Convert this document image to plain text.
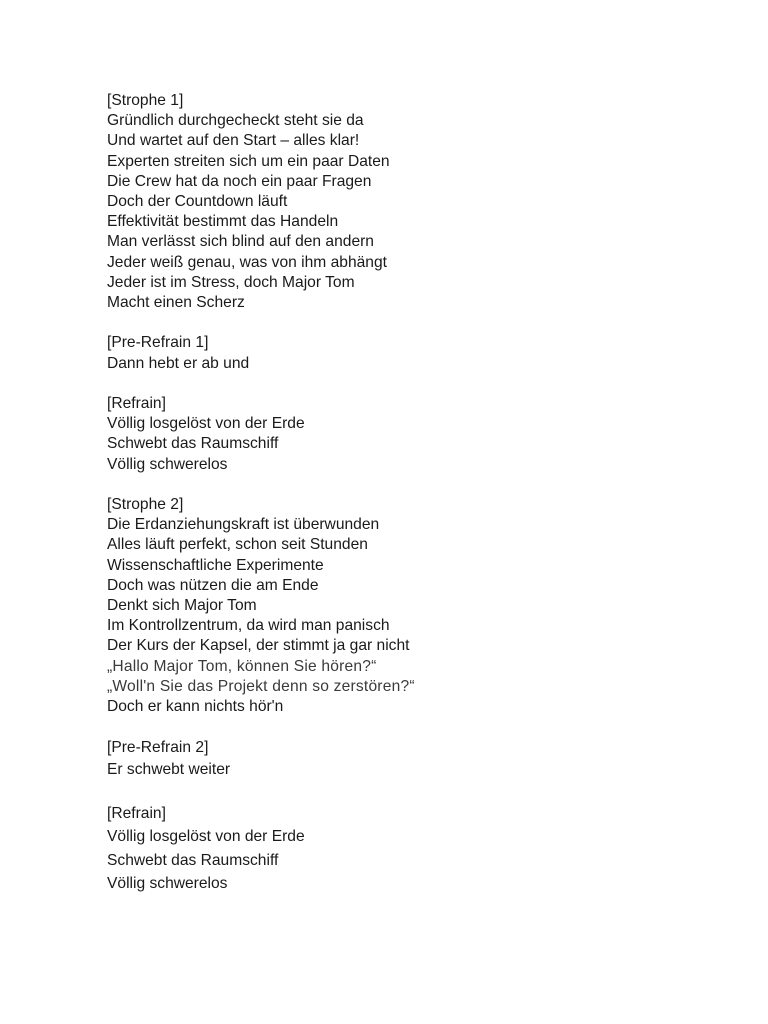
[Strophe 1]
Gründlich durchgecheckt steht sie da
Und wartet auf den Start – alles klar!
Experten streiten sich um ein paar Daten
Die Crew hat da noch ein paar Fragen
Doch der Countdown läuft
Effektivität bestimmt das Handeln
Man verlässt sich blind auf den andern
Jeder weiß genau, was von ihm abhängt
Jeder ist im Stress, doch Major Tom
Macht einen Scherz
[Pre-Refrain 1]
Dann hebt er ab und
[Refrain]
Völlig losgelöst von der Erde
Schwebt das Raumschiff
Völlig schwerelos
[Strophe 2]
Die Erdanziehungskraft ist überwunden
Alles läuft perfekt, schon seit Stunden
Wissenschaftliche Experimente
Doch was nützen die am Ende
Denkt sich Major Tom
Im Kontrollzentrum, da wird man panisch
Der Kurs der Kapsel, der stimmt ja gar nicht
„Hallo Major Tom, können Sie hören?“
„Woll'n Sie das Projekt denn so zerstören?“
Doch er kann nichts hör'n
[Pre-Refrain 2]
Er schwebt weiter
[Refrain]
Völlig losgelöst von der Erde
Schwebt das Raumschiff
Völlig schwerelos
